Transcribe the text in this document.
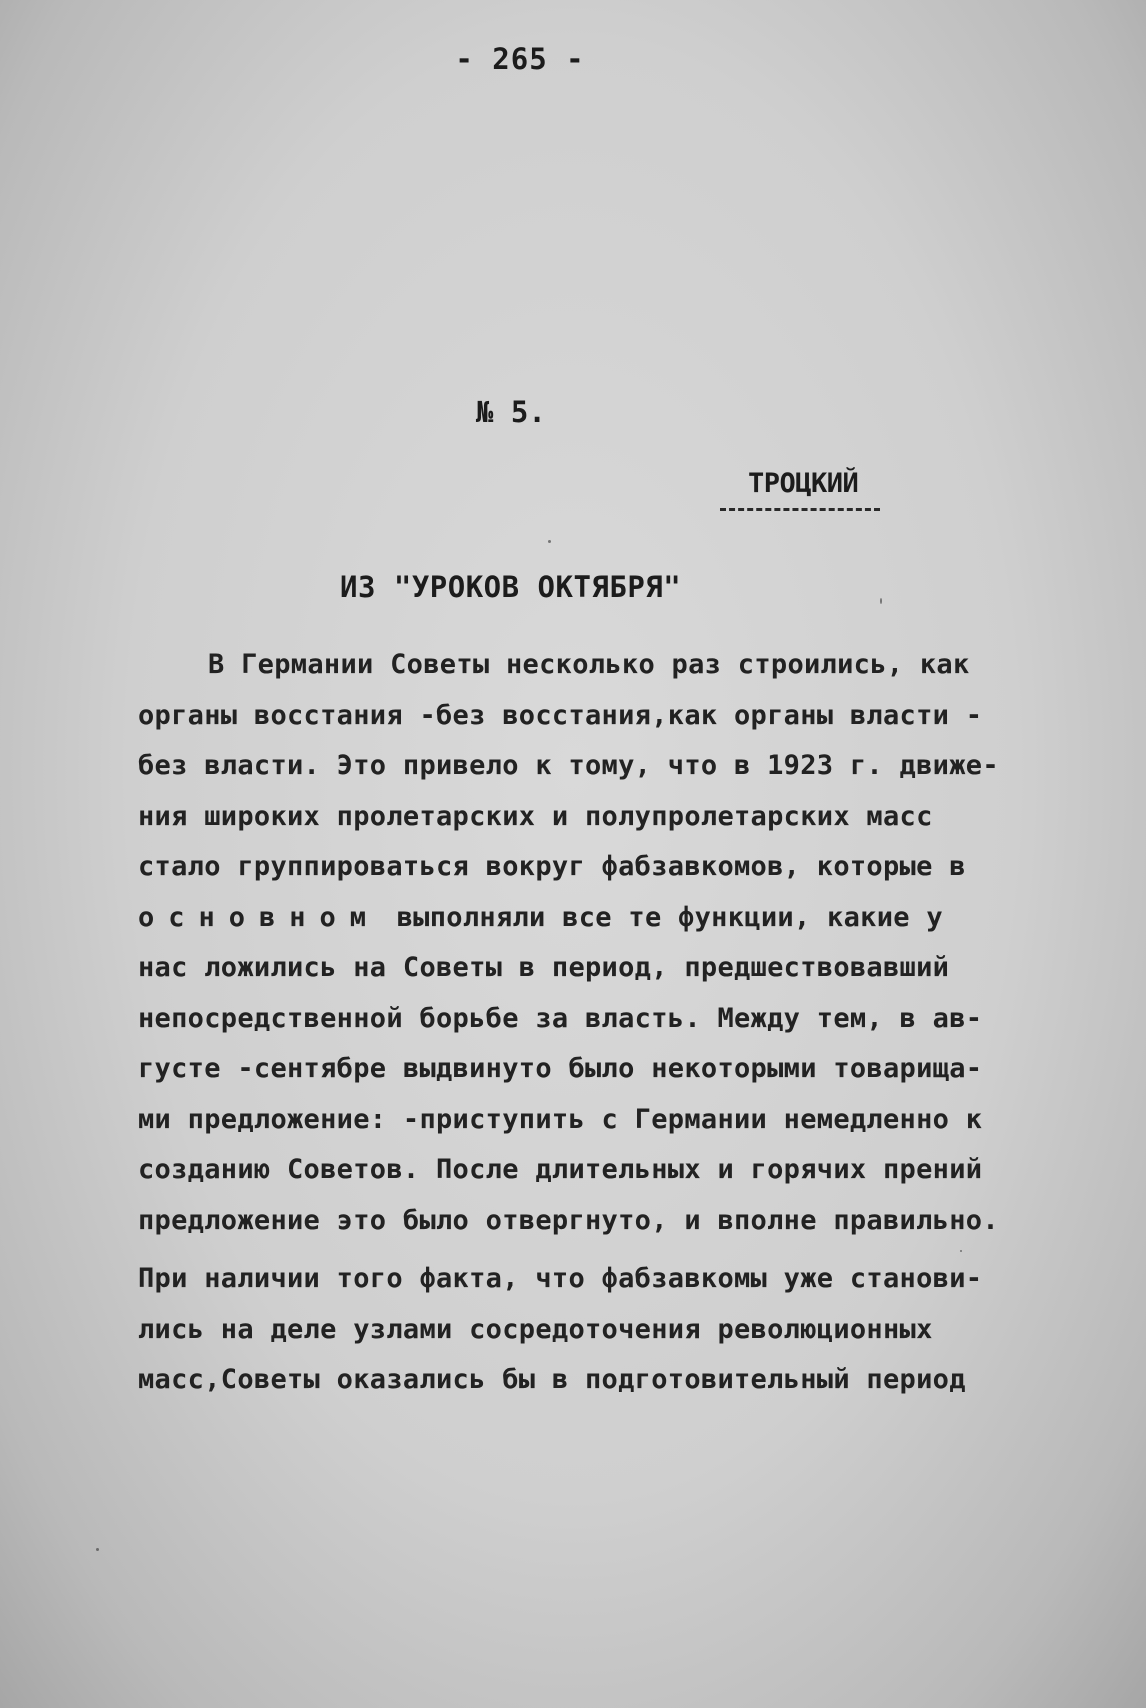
- 265 -
№ 5.
ТРОЦКИЙ
ИЗ "УРОКОВ ОКТЯБРЯ"
В Германии Советы несколько раз строились, как
органы восстания -без восстания,как органы власти -
без власти. Это привело к тому, что в 1923 г. движе-
ния широких пролетарских и полупролетарских масс
стало группироваться вокруг фабзавкомов, которые в
основном выполняли все те функции, какие у
нас ложились на Советы в период, предшествовавший
непосредственной борьбе за власть. Между тем, в ав-
густе -сентябре выдвинуто было некоторыми товарища-
ми предложение: -приступить с Германии немедленно к
созданию Советов. После длительных и горячих прений
предложение это было отвергнуто, и вполне правильно.
При наличии того факта, что фабзавкомы уже станови-
лись на деле узлами сосредоточения революционных
масс,Советы оказались бы в подготовительный период
